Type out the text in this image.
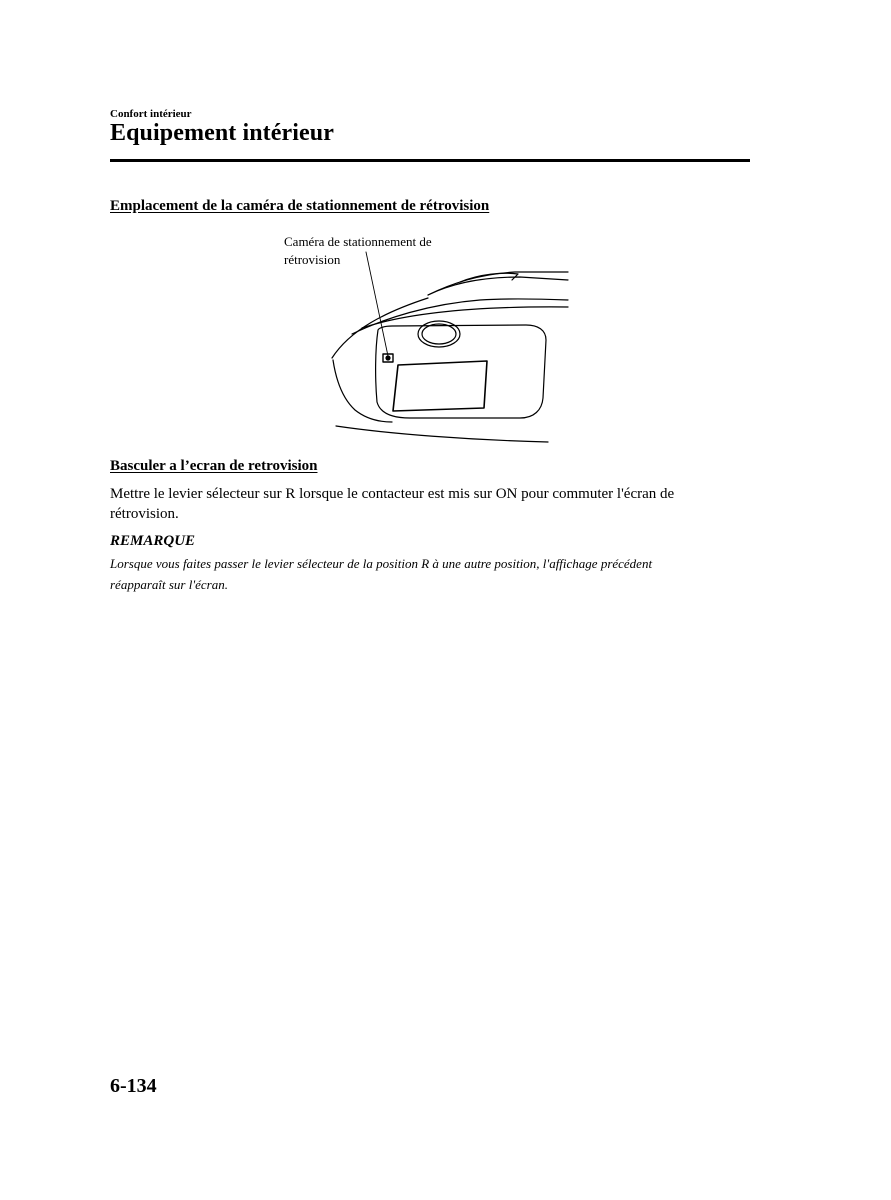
Confort intérieur
Equipement intérieur
Emplacement de la caméra de stationnement de rétrovision
Caméra de stationnement de rétrovision
Basculer a l’ecran de retrovision
Mettre le levier sélecteur sur R lorsque le contacteur est mis sur ON pour commuter l'écran de rétrovision.
REMARQUE
Lorsque vous faites passer le levier sélecteur de la position R à une autre position, l'affichage précédent réapparaît sur l'écran.
6-134
